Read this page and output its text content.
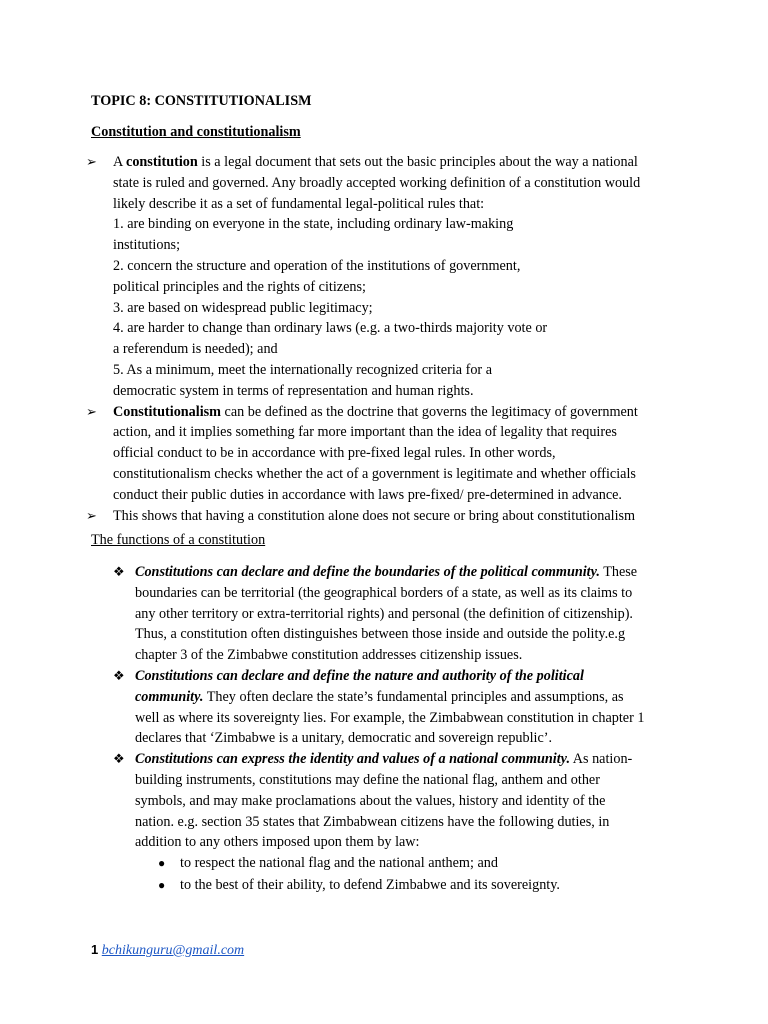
TOPIC 8: CONSTITUTIONALISM
Constitution and constitutionalism
➢ A constitution is a legal document that sets out the basic principles about the way a national
state is ruled and governed. Any broadly accepted working definition of a constitution would
likely describe it as a set of fundamental legal-political rules that:
1. are binding on everyone in the state, including ordinary law-making
institutions;
2. concern the structure and operation of the institutions of government,
political principles and the rights of citizens;
3. are based on widespread public legitimacy;
4. are harder to change than ordinary laws (e.g. a two-thirds majority vote or
a referendum is needed); and
5. As a minimum, meet the internationally recognized criteria for a
democratic system in terms of representation and human rights.
➢ Constitutionalism can be defined as the doctrine that governs the legitimacy of government
action, and it implies something far more important than the idea of legality that requires
official conduct to be in accordance with pre-fixed legal rules. In other words,
constitutionalism checks whether the act of a government is legitimate and whether officials
conduct their public duties in accordance with laws pre-fixed/ pre-determined in advance.
➢ This shows that having a constitution alone does not secure or bring about constitutionalism
The functions of a constitution
❖ Constitutions can declare and define the boundaries of the political community. These
boundaries can be territorial (the geographical borders of a state, as well as its claims to
any other territory or extra-territorial rights) and personal (the definition of citizenship).
Thus, a constitution often distinguishes between those inside and outside the polity.e.g
chapter 3 of the Zimbabwe constitution addresses citizenship issues.
❖ Constitutions can declare and define the nature and authority of the political
community. They often declare the state’s fundamental principles and assumptions, as
well as where its sovereignty lies. For example, the Zimbabwean constitution in chapter 1
declares that ‘Zimbabwe is a unitary, democratic and sovereign republic’.
❖ Constitutions can express the identity and values of a national community. As nation-
building instruments, constitutions may define the national flag, anthem and other
symbols, and may make proclamations about the values, history and identity of the
nation. e.g. section 35 states that Zimbabwean citizens have the following duties, in
addition to any others imposed upon them by law:
● to respect the national flag and the national anthem; and
● to the best of their ability, to defend Zimbabwe and its sovereignty.
1 bchikunguru@gmail.com
